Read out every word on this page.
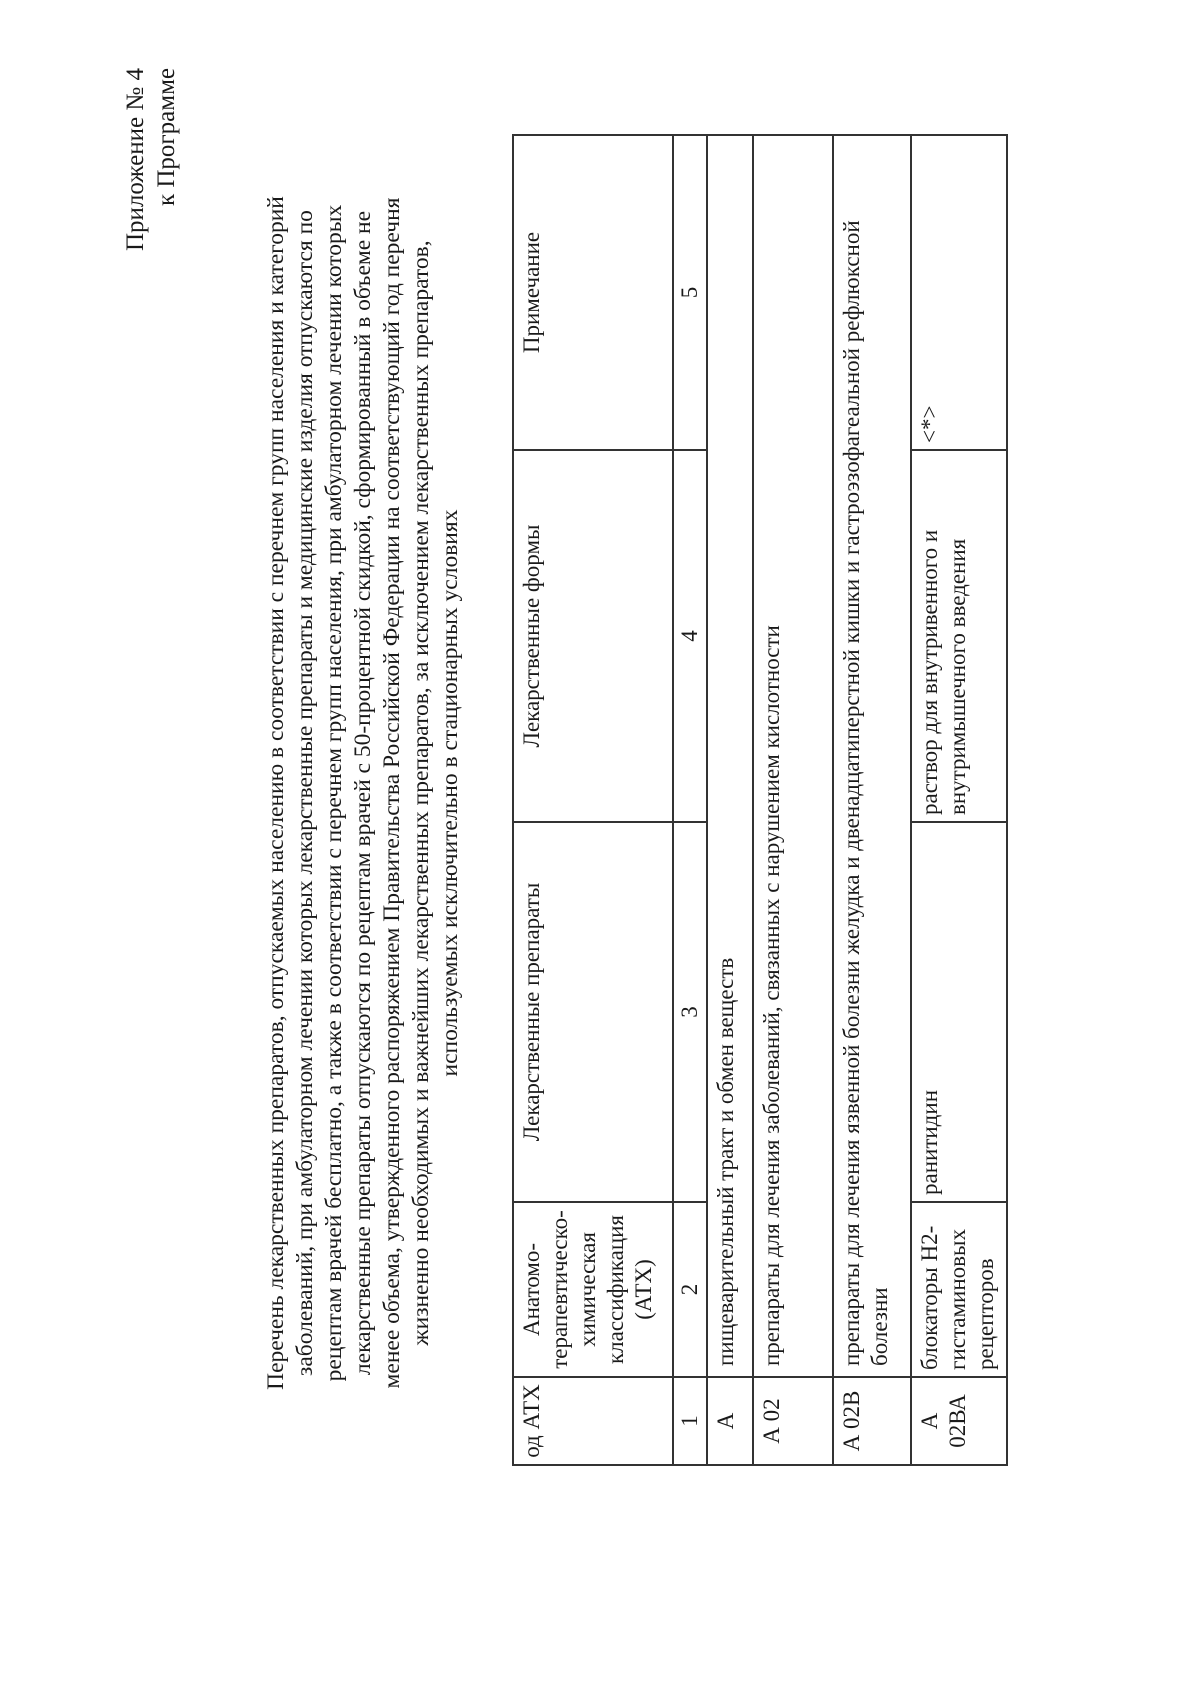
Приложение № 4 к Программе
Перечень лекарственных препаратов, отпускаемых населению в соответствии с перечнем групп населения и категорий заболеваний, при амбулаторном лечении которых лекарственные препараты и медицинские изделия отпускаются по рецептам врачей бесплатно, а также в соответствии с перечнем групп населения, при амбулаторном лечении которых лекарственные препараты отпускаются по рецептам врачей с 50-процентной скидкой, сформированный в объеме не менее объема, утвержденного распоряжением Правительства Российской Федерации на соответствующий год перечня жизненно необходимых и важнейших лекарственных препаратов, за исключением лекарственных препаратов, используемых исключительно в стационарных условиях
од АТХ	Анатомо-терапевтическо-химическая классификация (АТХ)	Лекарственные препараты	Лекарственные формы	Примечание
1	2	3	4	5
А	пищеварительный тракт и обмен веществ			
А 02	препараты для лечения заболеваний, связанных с нарушением кислотности			
А 02В	препараты для лечения язвенной болезни желудка и двенадцатиперстной кишки и гастроэзофагеальной рефлюксной болезни			
А 02ВА	блокаторы Н2-гистаминовых рецепторов	ранитидин	раствор для внутривенного и внутримышечного введения	<*>
